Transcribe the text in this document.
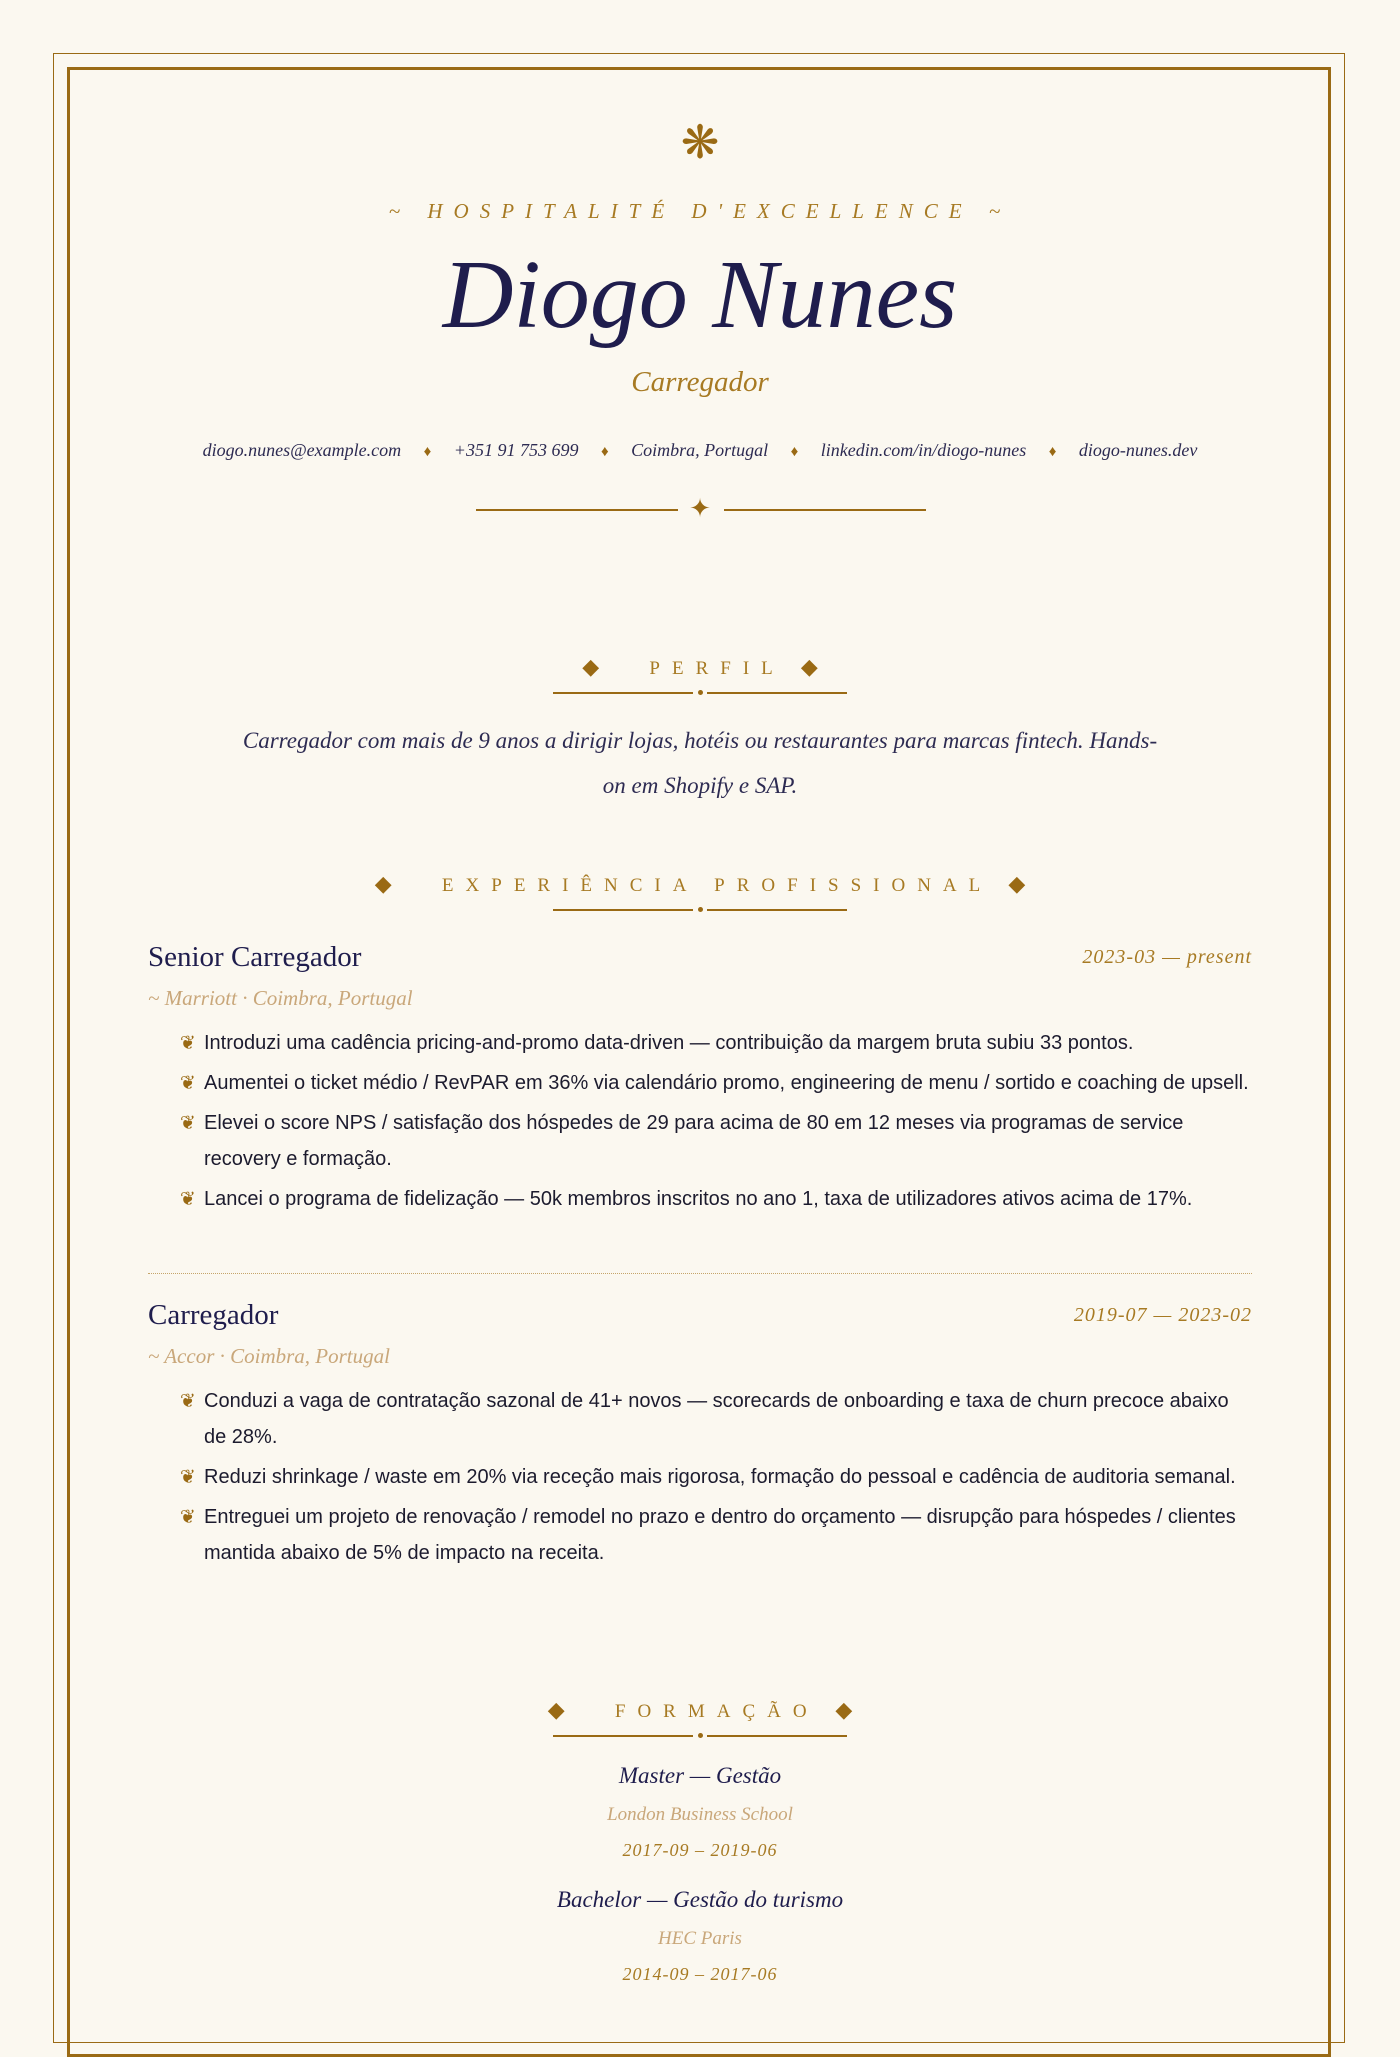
❋
~ HOSPITALITÉ D'EXCELLENCE ~
Diogo Nunes
Carregador
diogo.nunes@example.com ♦ +351 91 753 699 ♦ Coimbra, Portugal ♦ linkedin.com/in/diogo-nunes ♦ diogo-nunes.dev
✦
◆	PERFIL ◆
Carregador com mais de 9 anos a dirigir lojas, hotéis ou restaurantes para marcas fintech. Hands-on em Shopify e SAP.
◆	EXPERIÊNCIA PROFISSIONAL ◆
Senior Carregador	2023-03 — present
~ Marriott · Coimbra, Portugal
❦ Introduzi uma cadência pricing-and-promo data-driven — contribuição da margem bruta subiu 33 pontos.
❦ Aumentei o ticket médio / RevPAR em 36% via calendário promo, engineering de menu / sortido e coaching de upsell.
❦ Elevei o score NPS / satisfação dos hóspedes de 29 para acima de 80 em 12 meses via programas de service recovery e formação.
❦ Lancei o programa de fidelização — 50k membros inscritos no ano 1, taxa de utilizadores ativos acima de 17%.
Carregador	2019-07 — 2023-02
~ Accor · Coimbra, Portugal
❦ Conduzi a vaga de contratação sazonal de 41+ novos — scorecards de onboarding e taxa de churn precoce abaixo de 28%.
❦ Reduzi shrinkage / waste em 20% via receção mais rigorosa, formação do pessoal e cadência de auditoria semanal.
❦ Entreguei um projeto de renovação / remodel no prazo e dentro do orçamento — disrupção para hóspedes / clientes mantida abaixo de 5% de impacto na receita.
◆	FORMAÇÃO ◆
Master — Gestão
London Business School
2017-09 – 2019-06
Bachelor — Gestão do turismo
HEC Paris
2014-09 – 2017-06
